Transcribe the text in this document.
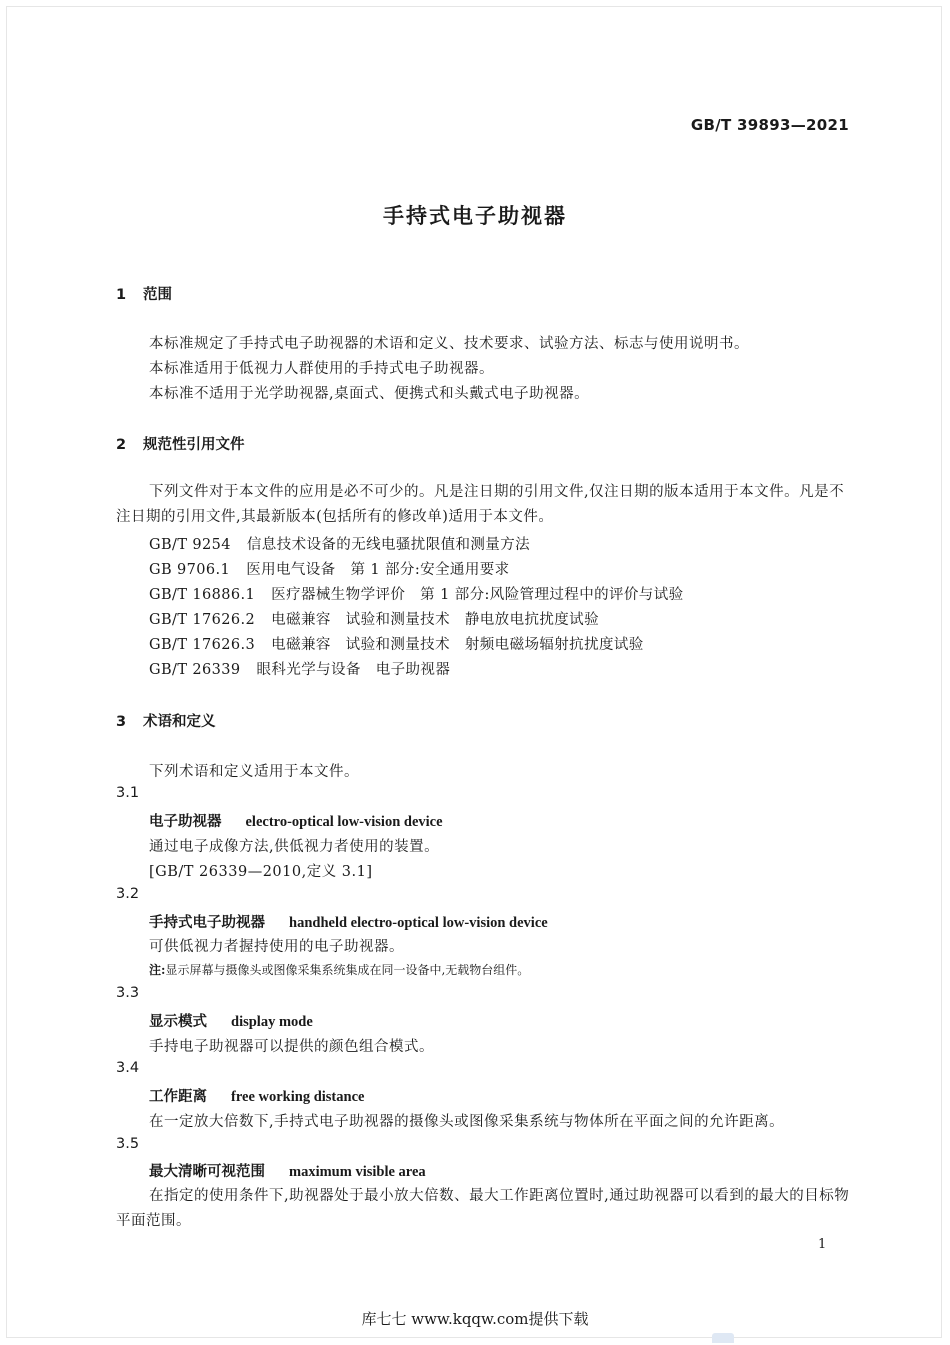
GB/T 39893—2021
手持式电子助视器
1 范围
本标准规定了手持式电子助视器的术语和定义、技术要求、试验方法、标志与使用说明书。
本标准适用于低视力人群使用的手持式电子助视器。
本标准不适用于光学助视器,桌面式、便携式和头戴式电子助视器。
2 规范性引用文件
下列文件对于本文件的应用是必不可少的。凡是注日期的引用文件,仅注日期的版本适用于本文件。凡是不注日期的引用文件,其最新版本(包括所有的修改单)适用于本文件。
GB/T 9254 信息技术设备的无线电骚扰限值和测量方法
GB 9706.1 医用电气设备　第 1 部分:安全通用要求
GB/T 16886.1 医疗器械生物学评价　第 1 部分:风险管理过程中的评价与试验
GB/T 17626.2 电磁兼容　试验和测量技术　静电放电抗扰度试验
GB/T 17626.3 电磁兼容　试验和测量技术　射频电磁场辐射抗扰度试验
GB/T 26339 眼科光学与设备　电子助视器
3 术语和定义
下列术语和定义适用于本文件。
3.1
电子助视器 electro-optical low-vision device
通过电子成像方法,供低视力者使用的装置。
[GB/T 26339—2010,定义 3.1]
3.2
手持式电子助视器 handheld electro-optical low-vision device
可供低视力者握持使用的电子助视器。
注:显示屏幕与摄像头或图像采集系统集成在同一设备中,无载物台组件。
3.3
显示模式 display mode
手持电子助视器可以提供的颜色组合模式。
3.4
工作距离 free working distance
在一定放大倍数下,手持式电子助视器的摄像头或图像采集系统与物体所在平面之间的允许距离。
3.5
最大清晰可视范围 maximum visible area
在指定的使用条件下,助视器处于最小放大倍数、最大工作距离位置时,通过助视器可以看到的最大的目标物平面范围。
1
库七七 www.kqqw.com提供下载
